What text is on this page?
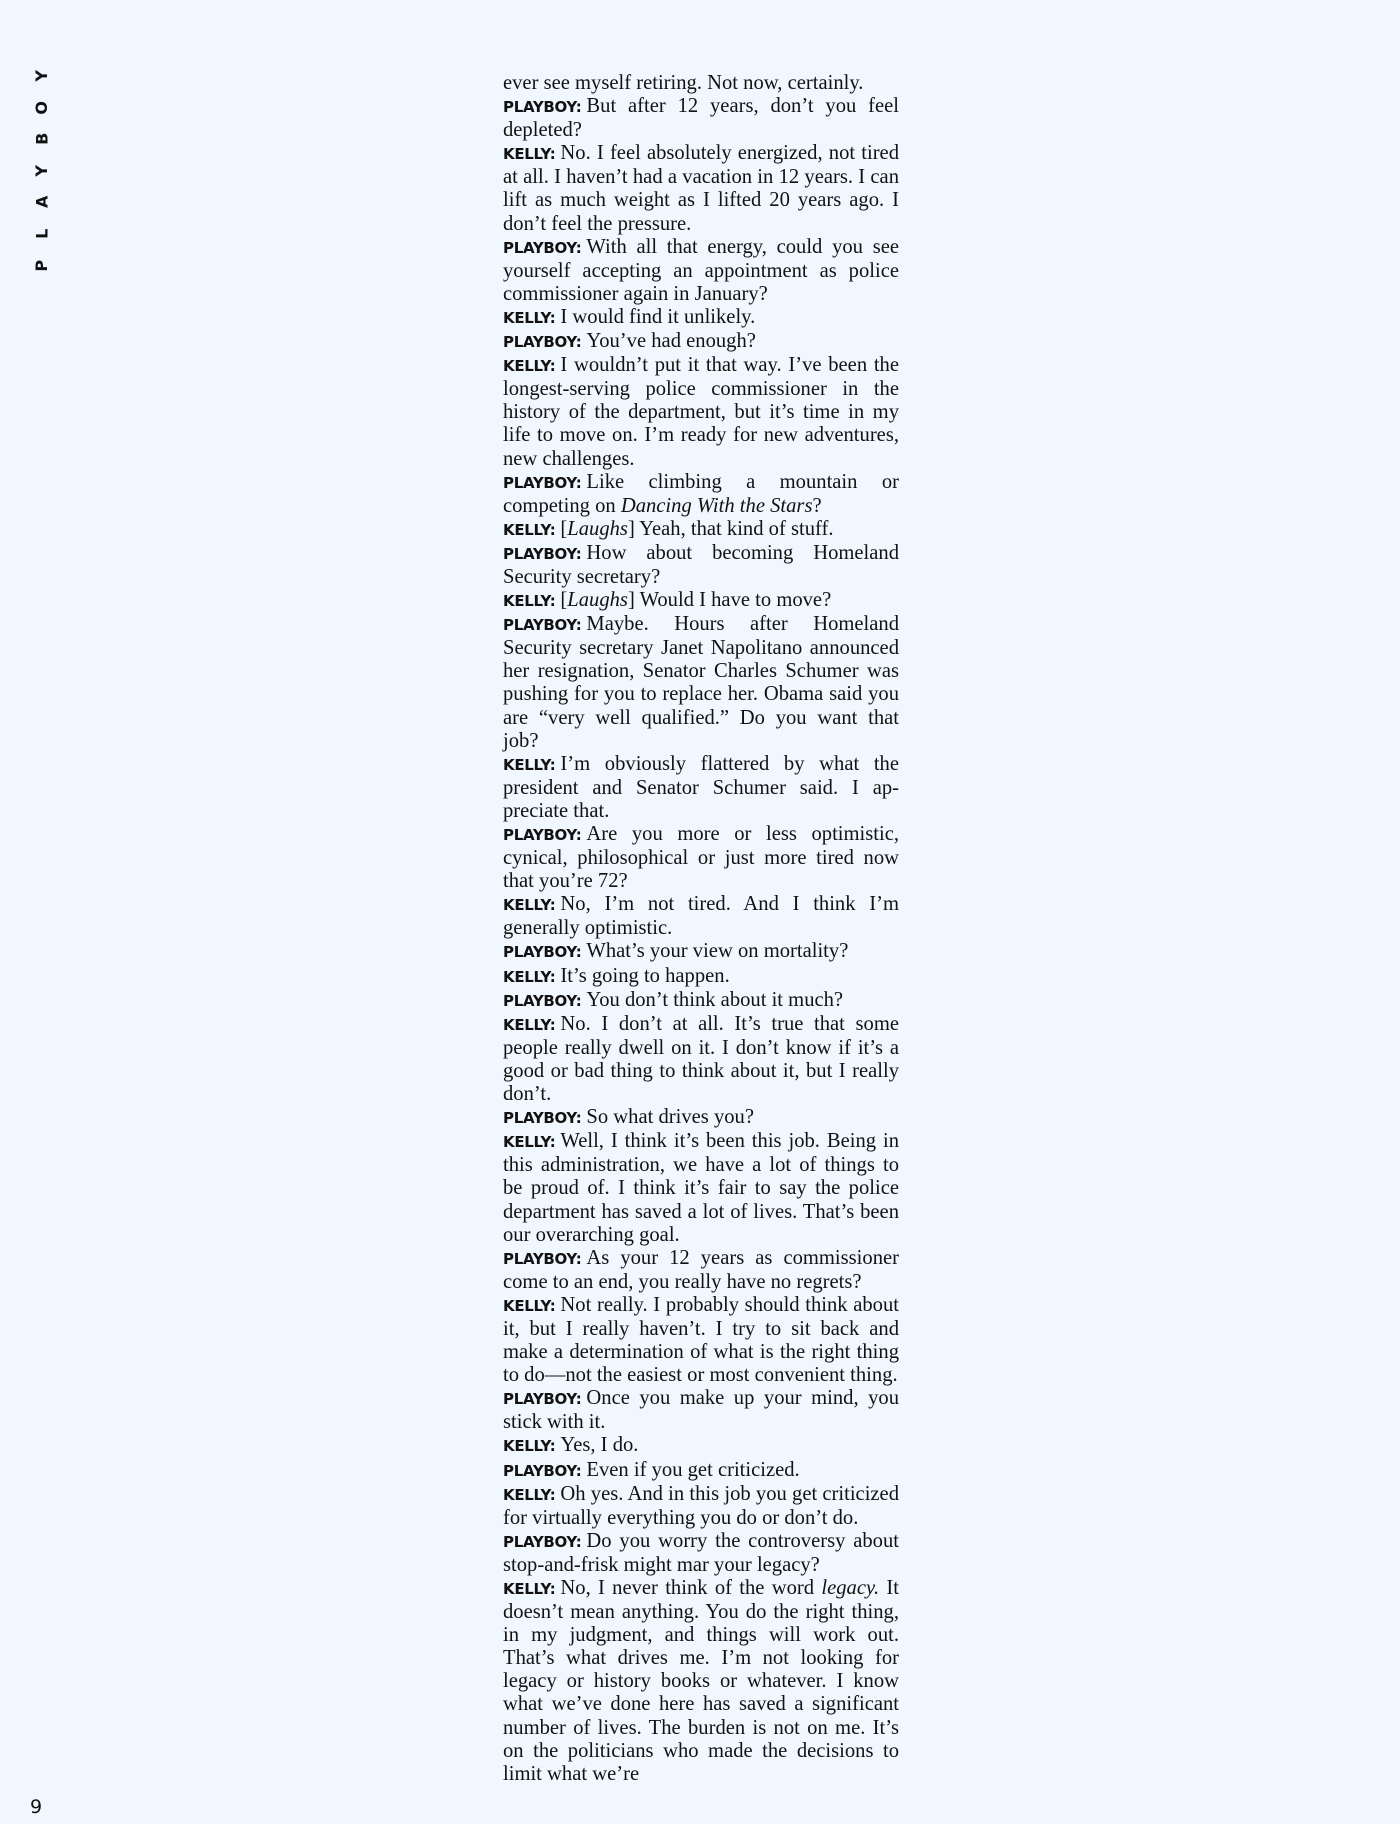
Y
O
B
Y
A
L
P

ever see myself retiring. Not now, certainly.

PLAYBOY: But after 12 years, don’t you feel depleted?

KELLY: No. I feel absolutely energized, not tired at all. I haven’t had a vacation in 12 years. I can lift as much weight as I lifted 20 years ago. I don’t feel the pressure.

PLAYBOY: With all that energy, could you see yourself accepting an appointment as police commissioner again in January?

KELLY: I would find it unlikely.

PLAYBOY: You’ve had enough?

KELLY: I wouldn’t put it that way. I’ve been the longest-serving police commissioner in the history of the department, but it’s time in my life to move on. I’m ready for new adventures, new challenges.

PLAYBOY: Like climbing a mountain or competing on Dancing With the Stars?

KELLY: [Laughs] Yeah, that kind of stuff.

PLAYBOY: How about becoming Homeland Security secretary?

KELLY: [Laughs] Would I have to move?

PLAYBOY: Maybe. Hours after Homeland Security secretary Janet Napolitano announced her resignation, Senator Charles Schumer was pushing for you to replace her. Obama said you are “very well qualified.” Do you want that job?

KELLY: I’m obviously flattered by what the president and Senator Schumer said. I appreciate that.

PLAYBOY: Are you more or less optimistic, cynical, philosophical or just more tired now that you’re 72?

KELLY: No, I’m not tired. And I think I’m generally optimistic.

PLAYBOY: What’s your view on mortality?

KELLY: It’s going to happen.

PLAYBOY: You don’t think about it much?

KELLY: No. I don’t at all. It’s true that some people really dwell on it. I don’t know if it’s a good or bad thing to think about it, but I really don’t.

PLAYBOY: So what drives you?

KELLY: Well, I think it’s been this job. Being in this administration, we have a lot of things to be proud of. I think it’s fair to say the police department has saved a lot of lives. That’s been our overarching goal.

PLAYBOY: As your 12 years as commissioner come to an end, you really have no regrets?

KELLY: Not really. I probably should think about it, but I really haven’t. I try to sit back and make a determination of what is the right thing to do—not the easiest or most convenient thing.

PLAYBOY: Once you make up your mind, you stick with it.

KELLY: Yes, I do.

PLAYBOY: Even if you get criticized.

KELLY: Oh yes. And in this job you get criticized for virtually everything you do or don’t do.

PLAYBOY: Do you worry the controversy about stop-and-frisk might mar your legacy?

KELLY: No, I never think of the word legacy. It doesn’t mean anything. You do the right thing, in my judgment, and things will work out. That’s what drives me. I’m not looking for legacy or history books or whatever. I know what we’ve done here has saved a significant number of lives. The burden is not on me. It’s on the politicians who made the decisions to limit what we’re

9
